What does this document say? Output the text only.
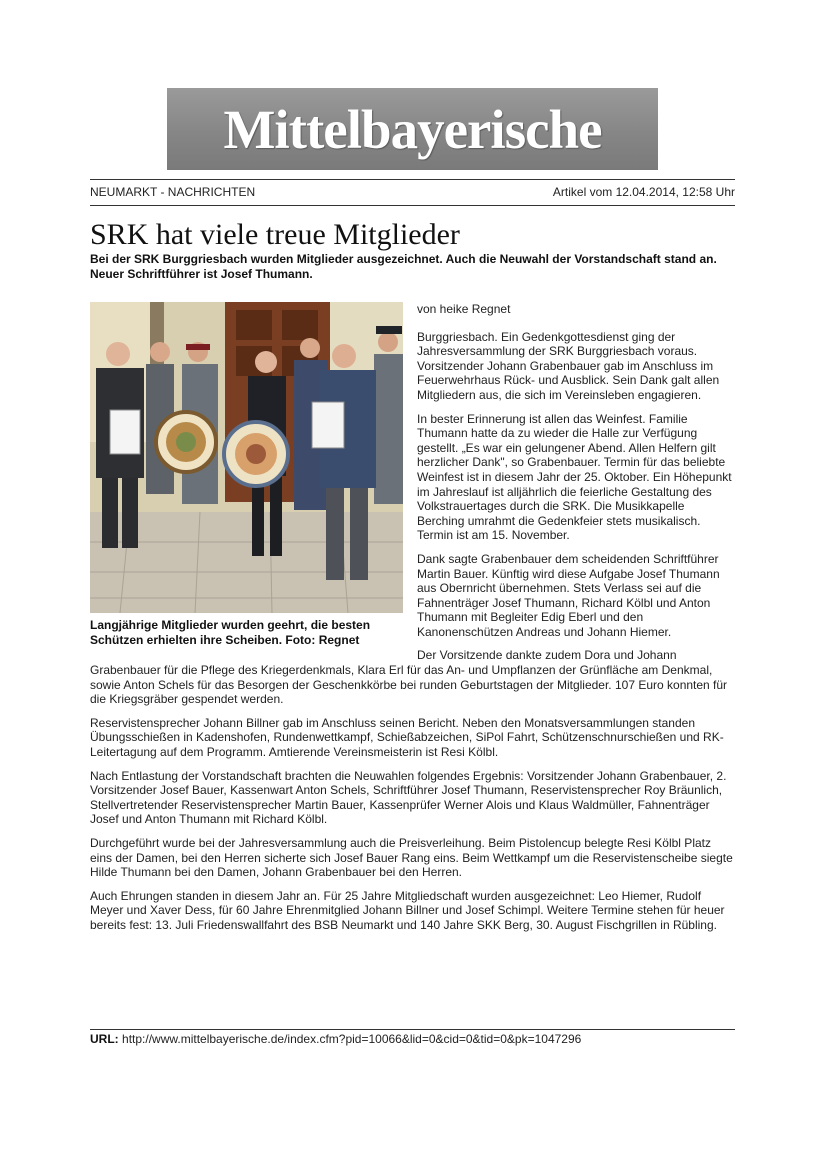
Mittelbayerische
NEUMARKT - NACHRICHTEN	Artikel vom 12.04.2014, 12:58 Uhr
SRK hat viele treue Mitglieder

Bei der SRK Burggriesbach wurden Mitglieder ausgezeichnet. Auch die Neuwahl der Vorstandschaft stand an. Neuer Schriftführer ist Josef Thumann.

von heike Regnet

Burggriesbach. Ein Gedenkgottesdienst ging der Jahresversammlung der SRK Burggriesbach voraus. Vorsitzender Johann Grabenbauer gab im Anschluss im Feuerwehrhaus Rück- und Ausblick. Sein Dank galt allen Mitgliedern aus, die sich im Vereinsleben engagieren.

In bester Erinnerung ist allen das Weinfest. Familie Thumann hatte da zu wieder die Halle zur Verfügung gestellt. „Es war ein gelungener Abend. Allen Helfern gilt herzlicher Dank", so Grabenbauer. Termin für das beliebte Weinfest ist in diesem Jahr der 25. Oktober. Ein Höhepunkt im Jahreslauf ist alljährlich die feierliche Gestaltung des Volkstrauertages durch die SRK. Die Musikkapelle Berching umrahmt die Gedenkfeier stets musikalisch. Termin ist am 15. November.

Dank sagte Grabenbauer dem scheidenden Schriftführer Martin Bauer. Künftig wird diese Aufgabe Josef Thumann aus Obernricht übernehmen. Stets Verlass sei auf die Fahnenträger Josef Thumann, Richard Kölbl und Anton Thumann mit Begleiter Edig Eberl und den Kanonenschützen Andreas und Johann Hiemer.

Der Vorsitzende dankte zudem Dora und Johann Grabenbauer für die Pflege des Kriegerdenkmals, Klara Erl für das An- und Umpflanzen der Grünfläche am Denkmal, sowie Anton Schels für das Besorgen der Geschenkkörbe bei runden Geburtstagen der Mitglieder. 107 Euro konnten für die Kriegsgräber gespendet werden.

Reservistensprecher Johann Billner gab im Anschluss seinen Bericht. Neben den Monatsversammlungen standen Übungsschießen in Kadenshofen, Rundenwettkampf, Schießabzeichen, SiPol Fahrt, Schützenschnurschießen und RK-Leitertagung auf dem Programm. Amtierende Vereinsmeisterin ist Resi Kölbl.

Nach Entlastung der Vorstandschaft brachten die Neuwahlen folgendes Ergebnis: Vorsitzender Johann Grabenbauer, 2. Vorsitzender Josef Bauer, Kassenwart Anton Schels, Schriftführer Josef Thumann, Reservistensprecher Roy Bräunlich, Stellvertretender Reservistensprecher Martin Bauer, Kassenprüfer Werner Alois und Klaus Waldmüller, Fahnenträger Josef und Anton Thumann mit Richard Kölbl.

Durchgeführt wurde bei der Jahresversammlung auch die Preisverleihung. Beim Pistolencup belegte Resi Kölbl Platz eins der Damen, bei den Herren sicherte sich Josef Bauer Rang eins. Beim Wettkampf um die Reservistenscheibe siegte Hilde Thumann bei den Damen, Johann Grabenbauer bei den Herren.

Auch Ehrungen standen in diesem Jahr an. Für 25 Jahre Mitgliedschaft wurden ausgezeichnet: Leo Hiemer, Rudolf Meyer und Xaver Dess, für 60 Jahre Ehrenmitglied Johann Billner und Josef Schimpl. Weitere Termine stehen für heuer bereits fest: 13. Juli Friedenswallfahrt des BSB Neumarkt und 140 Jahre SKK Berg, 30. August Fischgrillen in Rübling.

Langjährige Mitglieder wurden geehrt, die besten Schützen erhielten ihre Scheiben. Foto: Regnet

URL: http://www.mittelbayerische.de/index.cfm?pid=10066&lid=0&cid=0&tid=0&pk=1047296
